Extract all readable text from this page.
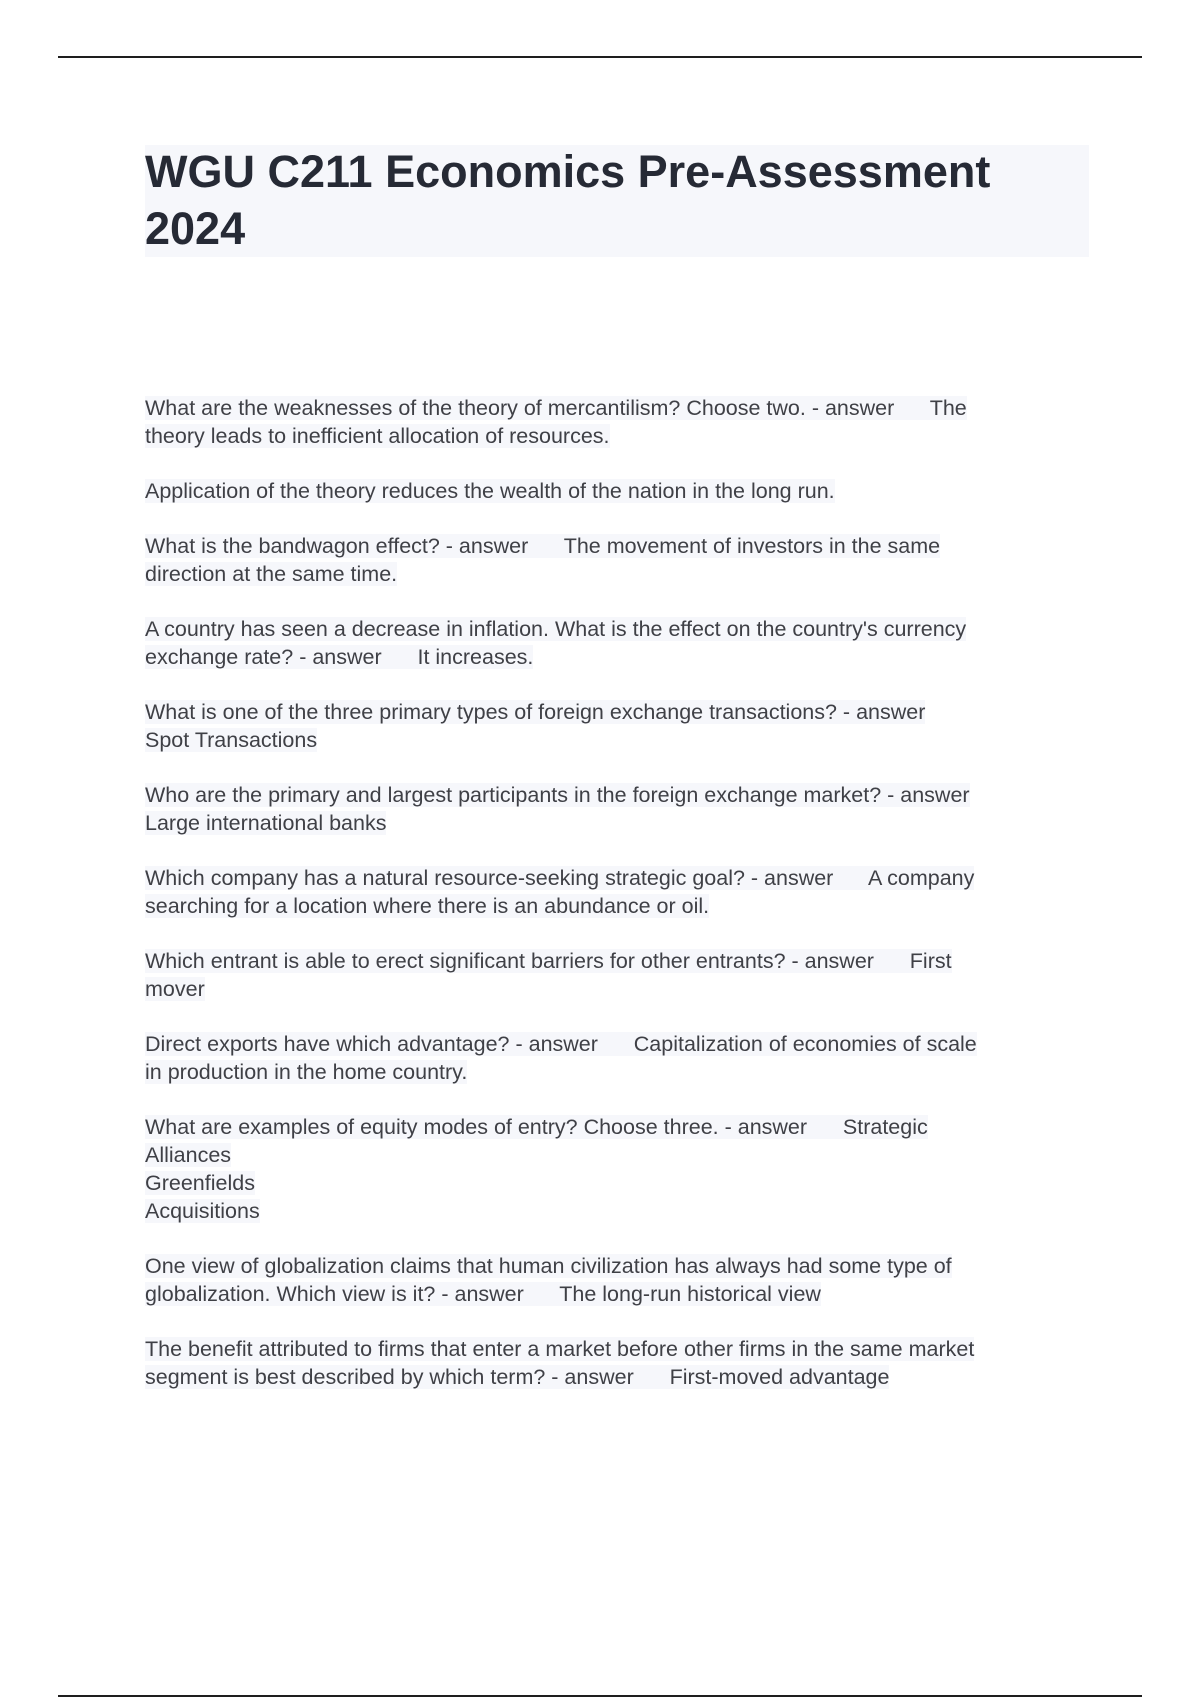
WGU C211 Economics Pre-Assessment 2024
What are the weaknesses of the theory of mercantilism? Choose two. - answer      The
theory leads to inefficient allocation of resources.
Application of the theory reduces the wealth of the nation in the long run.
What is the bandwagon effect? - answer      The movement of investors in the same
direction at the same time.
A country has seen a decrease in inflation. What is the effect on the country's currency
exchange rate? - answer      It increases.
What is one of the three primary types of foreign exchange transactions? - answer
Spot Transactions
Who are the primary and largest participants in the foreign exchange market? - answer
Large international banks
Which company has a natural resource-seeking strategic goal? - answer      A company
searching for a location where there is an abundance or oil.
Which entrant is able to erect significant barriers for other entrants? - answer      First
mover
Direct exports have which advantage? - answer      Capitalization of economies of scale
in production in the home country.
What are examples of equity modes of entry? Choose three. - answer      Strategic
Alliances
Greenfields
Acquisitions
One view of globalization claims that human civilization has always had some type of
globalization. Which view is it? - answer      The long-run historical view
The benefit attributed to firms that enter a market before other firms in the same market
segment is best described by which term? - answer      First-moved advantage
